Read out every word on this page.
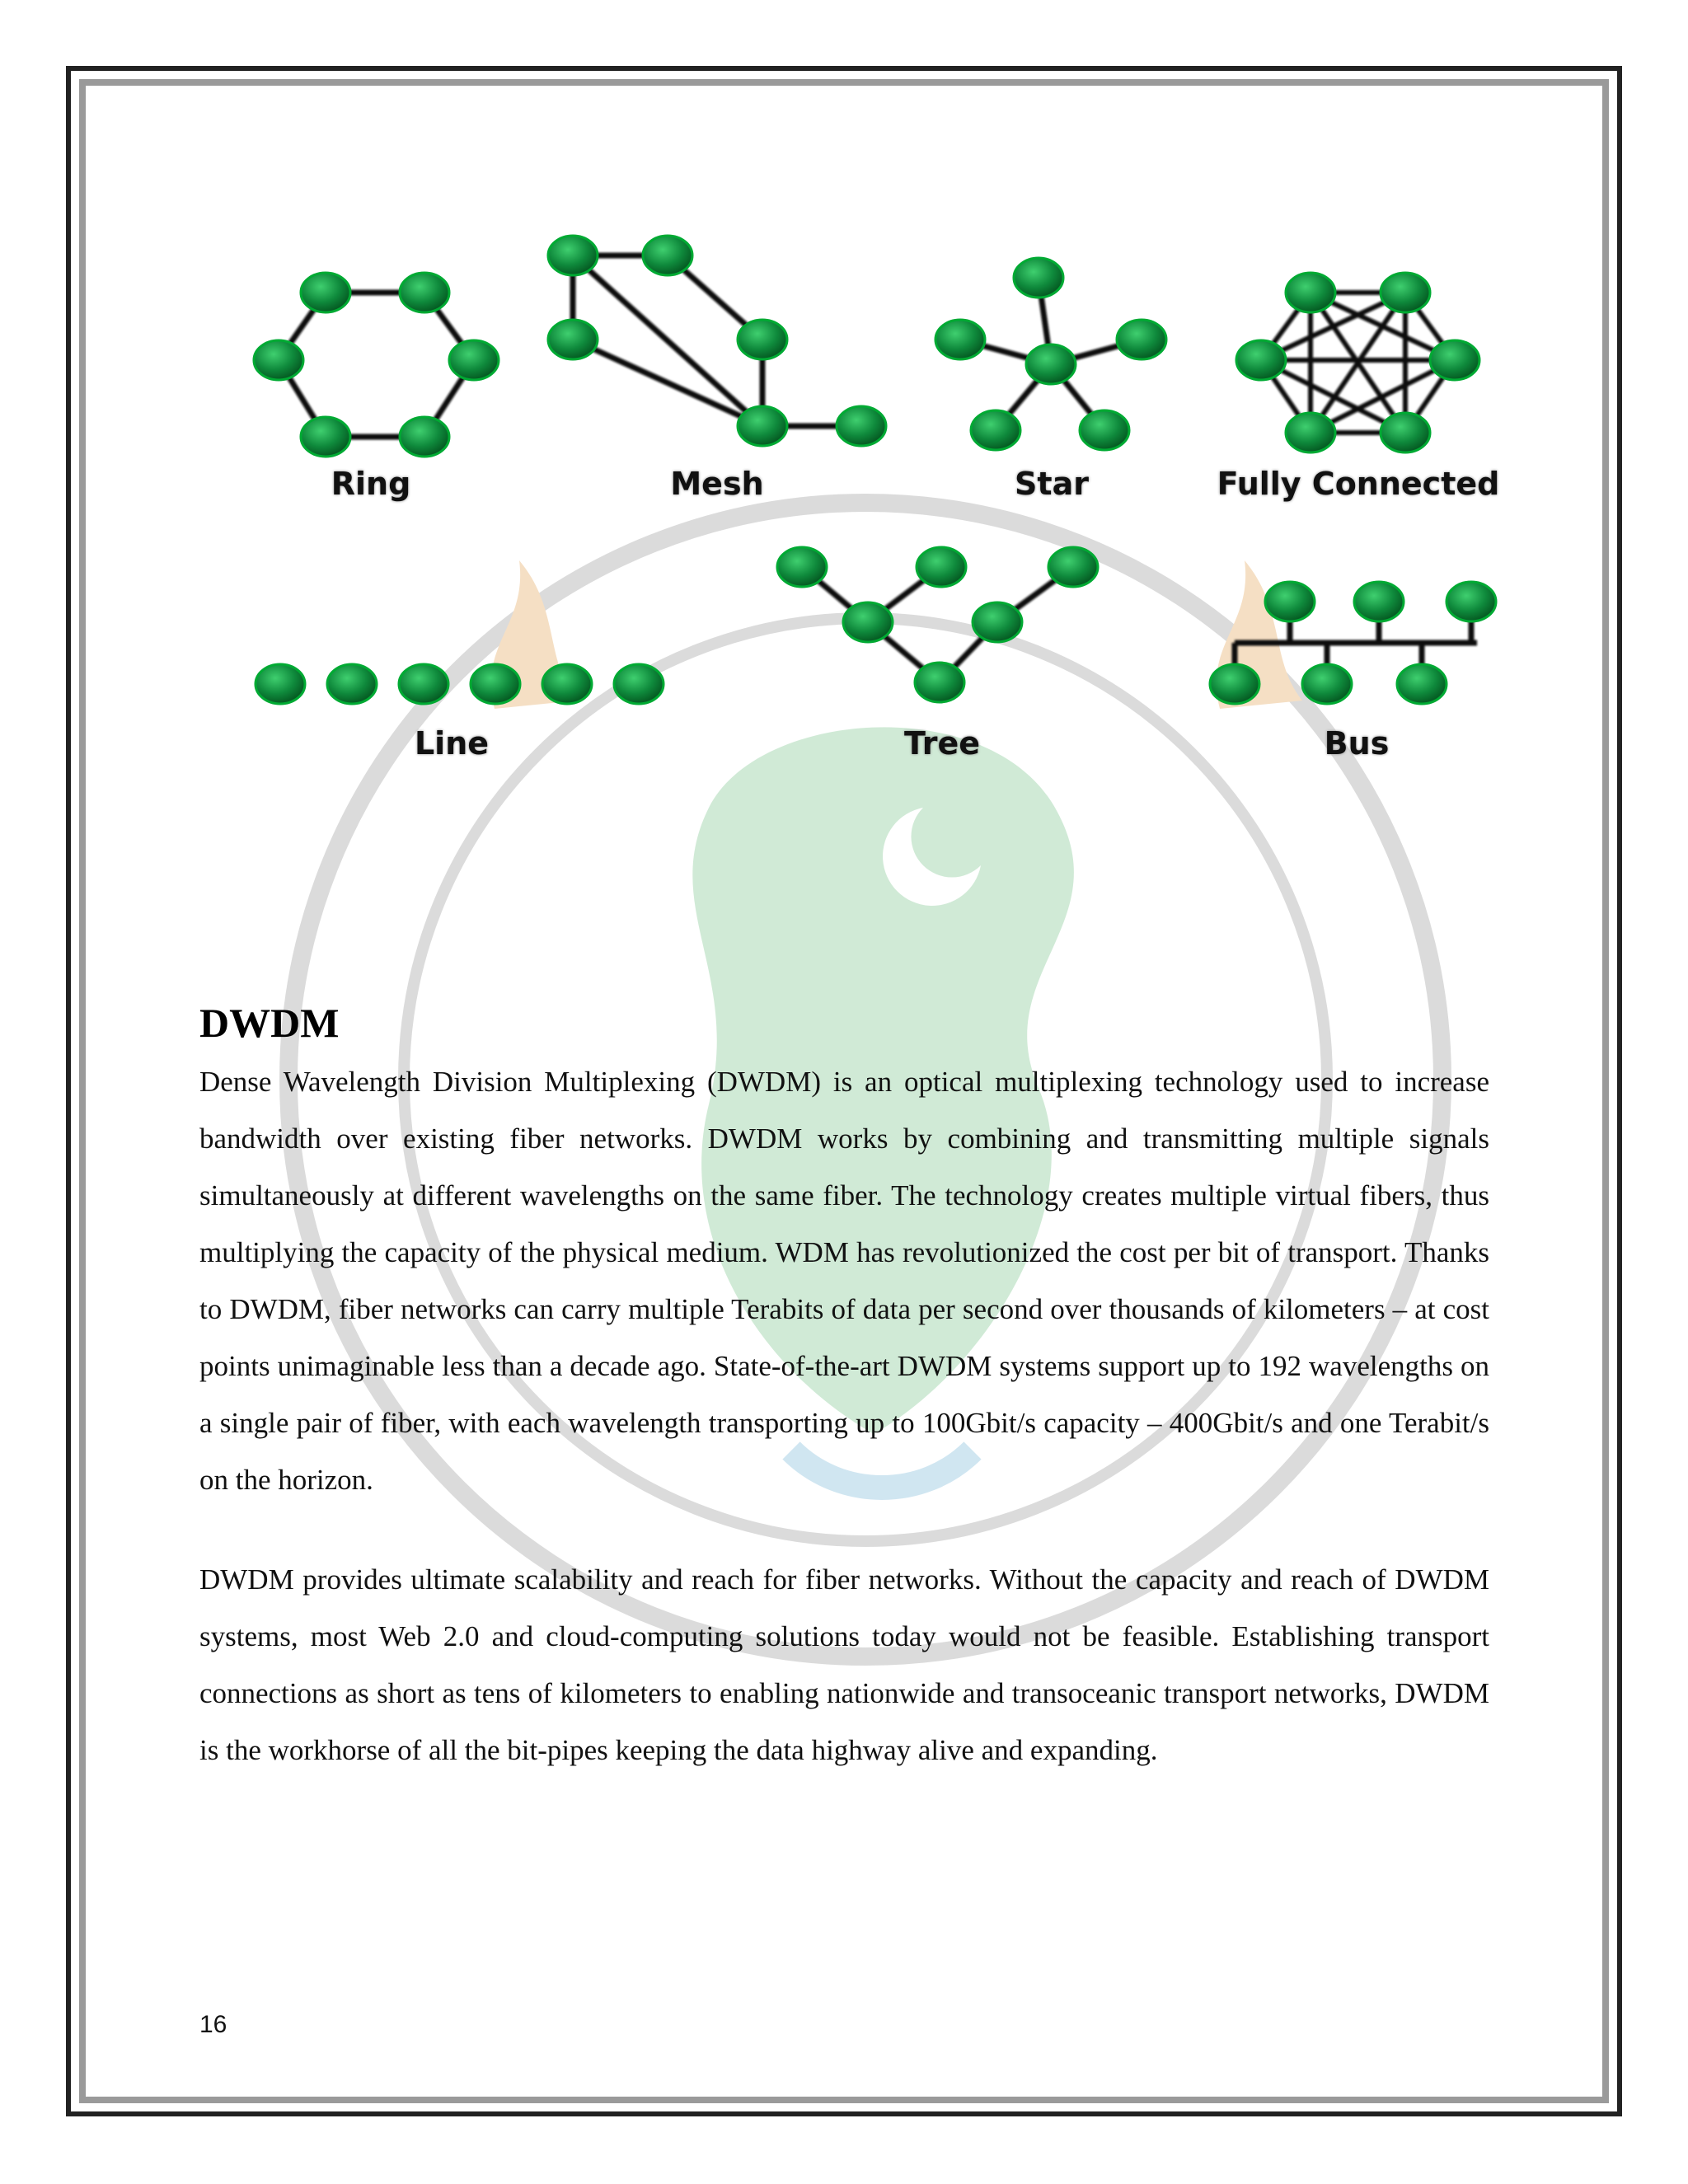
Ring	Mesh	Star	Fully Connected
Line	Tree	Bus
DWDM

Dense Wavelength Division Multiplexing (DWDM) is an optical multiplexing technology used to increase bandwidth over existing fiber networks. DWDM works by combining and transmitting multiple signals simultaneously at different wavelengths on the same fiber. The technology creates multiple virtual fibers, thus multiplying the capacity of the physical medium. WDM has revolutionized the cost per bit of transport. Thanks to DWDM, fiber networks can carry multiple Terabits of data per second over thousands of kilometers – at cost points unimaginable less than a decade ago. State-of-the-art DWDM systems support up to 192 wavelengths on a single pair of fiber, with each wavelength transporting up to 100Gbit/s capacity – 400Gbit/s and one Terabit/s on the horizon.

DWDM provides ultimate scalability and reach for fiber networks. Without the capacity and reach of DWDM systems, most Web 2.0 and cloud-computing solutions today would not be feasible. Establishing transport connections as short as tens of kilometers to enabling nationwide and transoceanic transport networks, DWDM is the workhorse of all the bit-pipes keeping the data highway alive and expanding.

16
